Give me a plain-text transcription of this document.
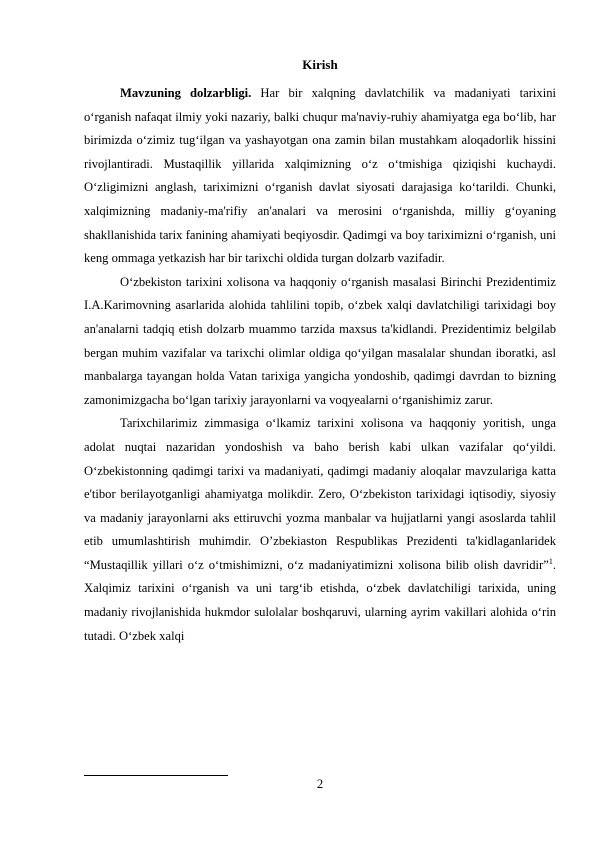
Kirish

Mavzuning dolzarbligi. Har bir xalqning davlatchilik va madaniyati tarixini o‘rganish nafaqat ilmiy yoki nazariy, balki chuqur ma'naviy-ruhiy ahamiyatga ega bo‘lib, har birimizda o‘zimiz tug‘ilgan va yashayotgan ona zamin bilan mustahkam aloqadorlik hissini rivojlantiradi. Mustaqillik yillarida xalqimizning o‘z o‘tmishiga qiziqishi kuchaydi. O‘zligimizni anglash, tariximizni o‘rganish davlat siyosati darajasiga ko‘tarildi. Chunki, xalqimizning madaniy-ma'rifiy an'analari va merosini o‘rganishda, milliy g‘oyaning shakllanishida tarix fanining ahamiyati beqiyosdir. Qadimgi va boy tariximizni o‘rganish, uni keng ommaga yetkazish har bir tarixchi oldida turgan dolzarb vazifadir.

O‘zbekiston tarixini xolisona va haqqoniy o‘rganish masalasi Birinchi Prezidentimiz I.A.Karimovning asarlarida alohida tahlilini topib, o‘zbek xalqi davlatchiligi tarixidagi boy an'analarni tadqiq etish dolzarb muammo tarzida maxsus ta'kidlandi. Prezidentimiz belgilab bergan muhim vazifalar va tarixchi olimlar oldiga qo‘yilgan masalalar shundan iboratki, asl manbalarga tayangan holda Vatan tarixiga yangicha yondoshib, qadimgi davrdan to bizning zamonimizgacha bo‘lgan tarixiy jarayonlarni va voqyealarni o‘rganishimiz zarur.

Tarixchilarimiz zimmasiga o‘lkamiz tarixini xolisona va haqqoniy yoritish, unga adolat nuqtai nazaridan yondoshish va baho berish kabi ulkan vazifalar qo‘yildi. O‘zbekistonning qadimgi tarixi va madaniyati, qadimgi madaniy aloqalar mavzulariga katta e'tibor berilayotganligi ahamiyatga molikdir. Zero, O‘zbekiston tarixidagi iqtisodiy, siyosiy va madaniy jarayonlarni aks ettiruvchi yozma manbalar va hujjatlarni yangi asoslarda tahlil etib umumlashtirish muhimdir. O’zbekiaston Respublikas Prezidenti ta'kidlaganlaridek “Mustaqillik yillari o‘z o‘tmishimizni, o‘z madaniyatimizni xolisona bilib olish davridir”$^1$. Xalqimiz tarixini o‘rganish va uni targ‘ib etishda, o‘zbek davlatchiligi tarixida, uning madaniy rivojlanishida hukmdor sulolalar boshqaruvi, ularning ayrim vakillari alohida o‘rin tutadi. O‘zbek xalqi

2
